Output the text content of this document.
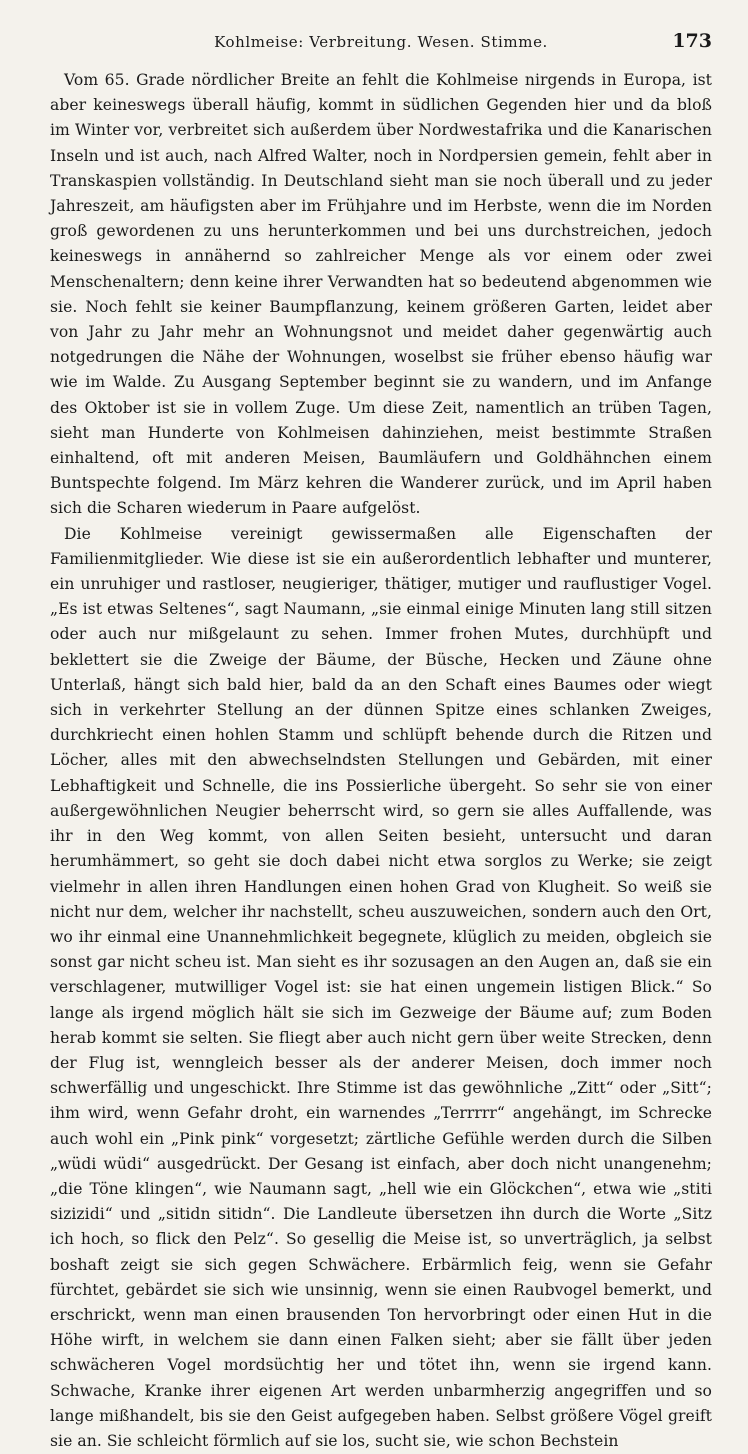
Kohlmeise: Verbreitung. Wesen. Stimme.	173

Vom 65. Grade nördlicher Breite an fehlt die Kohlmeise nirgends in Europa, ist aber keineswegs überall häufig, kommt in südlichen Gegenden hier und da bloß im Winter vor, verbreitet sich außerdem über Nordwestafrika und die Kanarischen Inseln und ist auch, nach Alfred Walter, noch in Nordpersien gemein, fehlt aber in Transkaspien vollständig. In Deutschland sieht man sie noch überall und zu jeder Jahreszeit, am häufigsten aber im Frühjahre und im Herbste, wenn die im Norden groß gewordenen zu uns herunterkommen und bei uns durchstreichen, jedoch keineswegs in annähernd so zahlreicher Menge als vor einem oder zwei Menschenaltern; denn keine ihrer Verwandten hat so bedeutend abgenommen wie sie. Noch fehlt sie keiner Baumpflanzung, keinem größeren Garten, leidet aber von Jahr zu Jahr mehr an Wohnungsnot und meidet daher gegenwärtig auch notgedrungen die Nähe der Wohnungen, woselbst sie früher ebenso häufig war wie im Walde. Zu Ausgang September beginnt sie zu wandern, und im Anfange des Oktober ist sie in vollem Zuge. Um diese Zeit, namentlich an trüben Tagen, sieht man Hunderte von Kohlmeisen dahinziehen, meist bestimmte Straßen einhaltend, oft mit anderen Meisen, Baumläufern und Goldhähnchen einem Buntspechte folgend. Im März kehren die Wanderer zurück, und im April haben sich die Scharen wiederum in Paare aufgelöst.

Die Kohlmeise vereinigt gewissermaßen alle Eigenschaften der Familienmitglieder. Wie diese ist sie ein außerordentlich lebhafter und munterer, ein unruhiger und rastloser, neugieriger, thätiger, mutiger und rauflustiger Vogel. „Es ist etwas Seltenes“, sagt Naumann, „sie einmal einige Minuten lang still sitzen oder auch nur mißgelaunt zu sehen. Immer frohen Mutes, durchhüpft und beklettert sie die Zweige der Bäume, der Büsche, Hecken und Zäune ohne Unterlaß, hängt sich bald hier, bald da an den Schaft eines Baumes oder wiegt sich in verkehrter Stellung an der dünnen Spitze eines schlanken Zweiges, durchkriecht einen hohlen Stamm und schlüpft behende durch die Ritzen und Löcher, alles mit den abwechselndsten Stellungen und Gebärden, mit einer Lebhaftigkeit und Schnelle, die ins Possierliche übergeht. So sehr sie von einer außergewöhnlichen Neugier beherrscht wird, so gern sie alles Auffallende, was ihr in den Weg kommt, von allen Seiten besieht, untersucht und daran herumhämmert, so geht sie doch dabei nicht etwa sorglos zu Werke; sie zeigt vielmehr in allen ihren Handlungen einen hohen Grad von Klugheit. So weiß sie nicht nur dem, welcher ihr nachstellt, scheu auszuweichen, sondern auch den Ort, wo ihr einmal eine Unannehmlichkeit begegnete, klüglich zu meiden, obgleich sie sonst gar nicht scheu ist. Man sieht es ihr sozusagen an den Augen an, daß sie ein verschlagener, mutwilliger Vogel ist: sie hat einen ungemein listigen Blick.“ So lange als irgend möglich hält sie sich im Gezweige der Bäume auf; zum Boden herab kommt sie selten. Sie fliegt aber auch nicht gern über weite Strecken, denn der Flug ist, wenngleich besser als der anderer Meisen, doch immer noch schwerfällig und ungeschickt. Ihre Stimme ist das gewöhnliche „Zitt“ oder „Sitt“; ihm wird, wenn Gefahr droht, ein warnendes „Terrrrr“ angehängt, im Schrecke auch wohl ein „Pink pink“ vorgesetzt; zärtliche Gefühle werden durch die Silben „wüdi wüdi“ ausgedrückt. Der Gesang ist einfach, aber doch nicht unangenehm; „die Töne klingen“, wie Naumann sagt, „hell wie ein Glöckchen“, etwa wie „stiti sizizidi“ und „sitidn sitidn“. Die Landleute übersetzen ihn durch die Worte „Sitz ich hoch, so flick den Pelz“. So gesellig die Meise ist, so unverträglich, ja selbst boshaft zeigt sie sich gegen Schwächere. Erbärmlich feig, wenn sie Gefahr fürchtet, gebärdet sie sich wie unsinnig, wenn sie einen Raubvogel bemerkt, und erschrickt, wenn man einen brausenden Ton hervorbringt oder einen Hut in die Höhe wirft, in welchem sie dann einen Falken sieht; aber sie fällt über jeden schwächeren Vogel mordsüchtig her und tötet ihn, wenn sie irgend kann. Schwache, Kranke ihrer eigenen Art werden unbarmherzig angegriffen und so lange mißhandelt, bis sie den Geist aufgegeben haben. Selbst größere Vögel greift sie an. Sie schleicht förmlich auf sie los, sucht sie, wie schon Bechstein
